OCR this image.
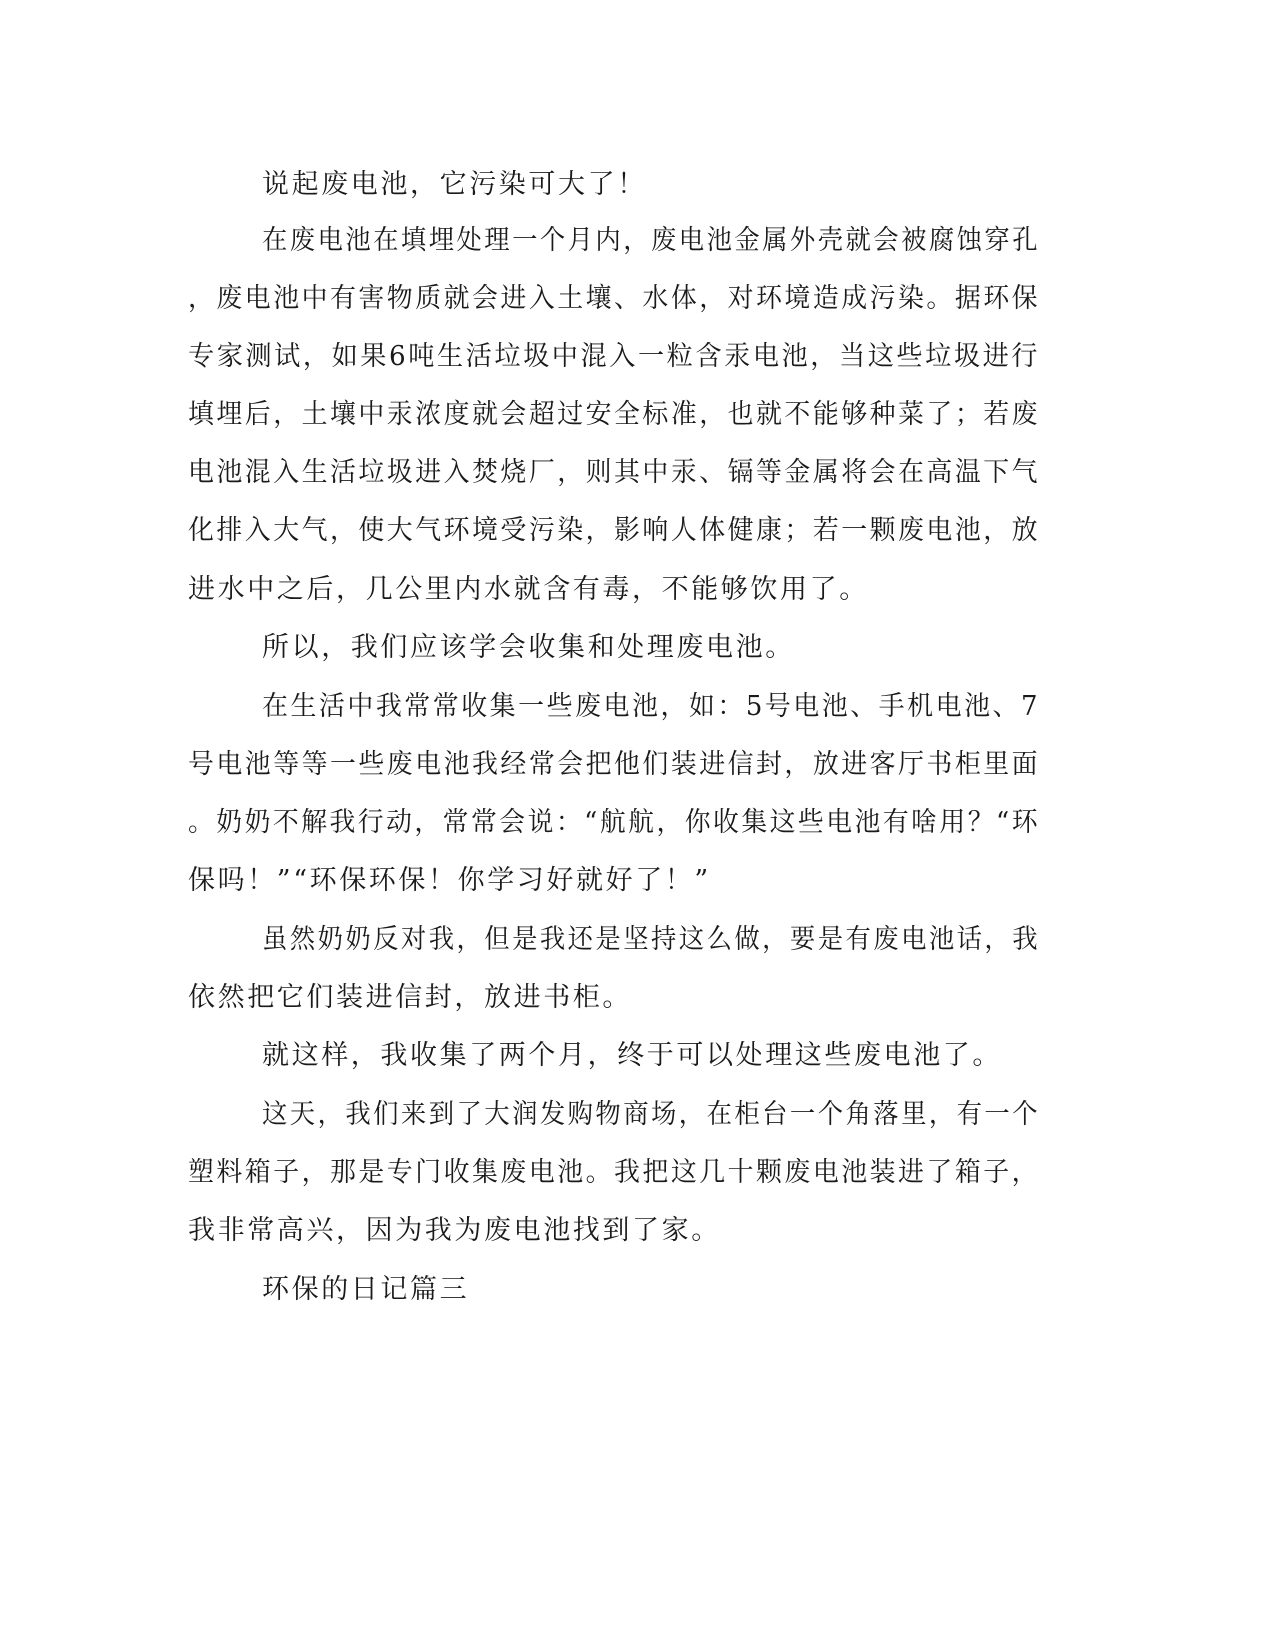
说起废电池，它污染可大了！
在废电池在填埋处理一个月内，废电池金属外壳就会被腐蚀穿孔
，废电池中有害物质就会进入土壤、水体，对环境造成污染。据环保
专家测试，如果6吨生活垃圾中混入一粒含汞电池，当这些垃圾进行
填埋后，土壤中汞浓度就会超过安全标准，也就不能够种菜了；若废
电池混入生活垃圾进入焚烧厂，则其中汞、镉等金属将会在高温下气
化排入大气，使大气环境受污染，影响人体健康；若一颗废电池，放
进水中之后，几公里内水就含有毒，不能够饮用了。
所以，我们应该学会收集和处理废电池。
在生活中我常常收集一些废电池，如：5号电池、手机电池、7
号电池等等一些废电池我经常会把他们装进信封，放进客厅书柜里面
。奶奶不解我行动，常常会说：“航航，你收集这些电池有啥用？“环
保吗！”“环保环保！你学习好就好了！”
虽然奶奶反对我，但是我还是坚持这么做，要是有废电池话，我
依然把它们装进信封，放进书柜。
就这样，我收集了两个月，终于可以处理这些废电池了。
这天，我们来到了大润发购物商场，在柜台一个角落里，有一个
塑料箱子，那是专门收集废电池。我把这几十颗废电池装进了箱子，
我非常高兴，因为我为废电池找到了家。
环保的日记篇三
